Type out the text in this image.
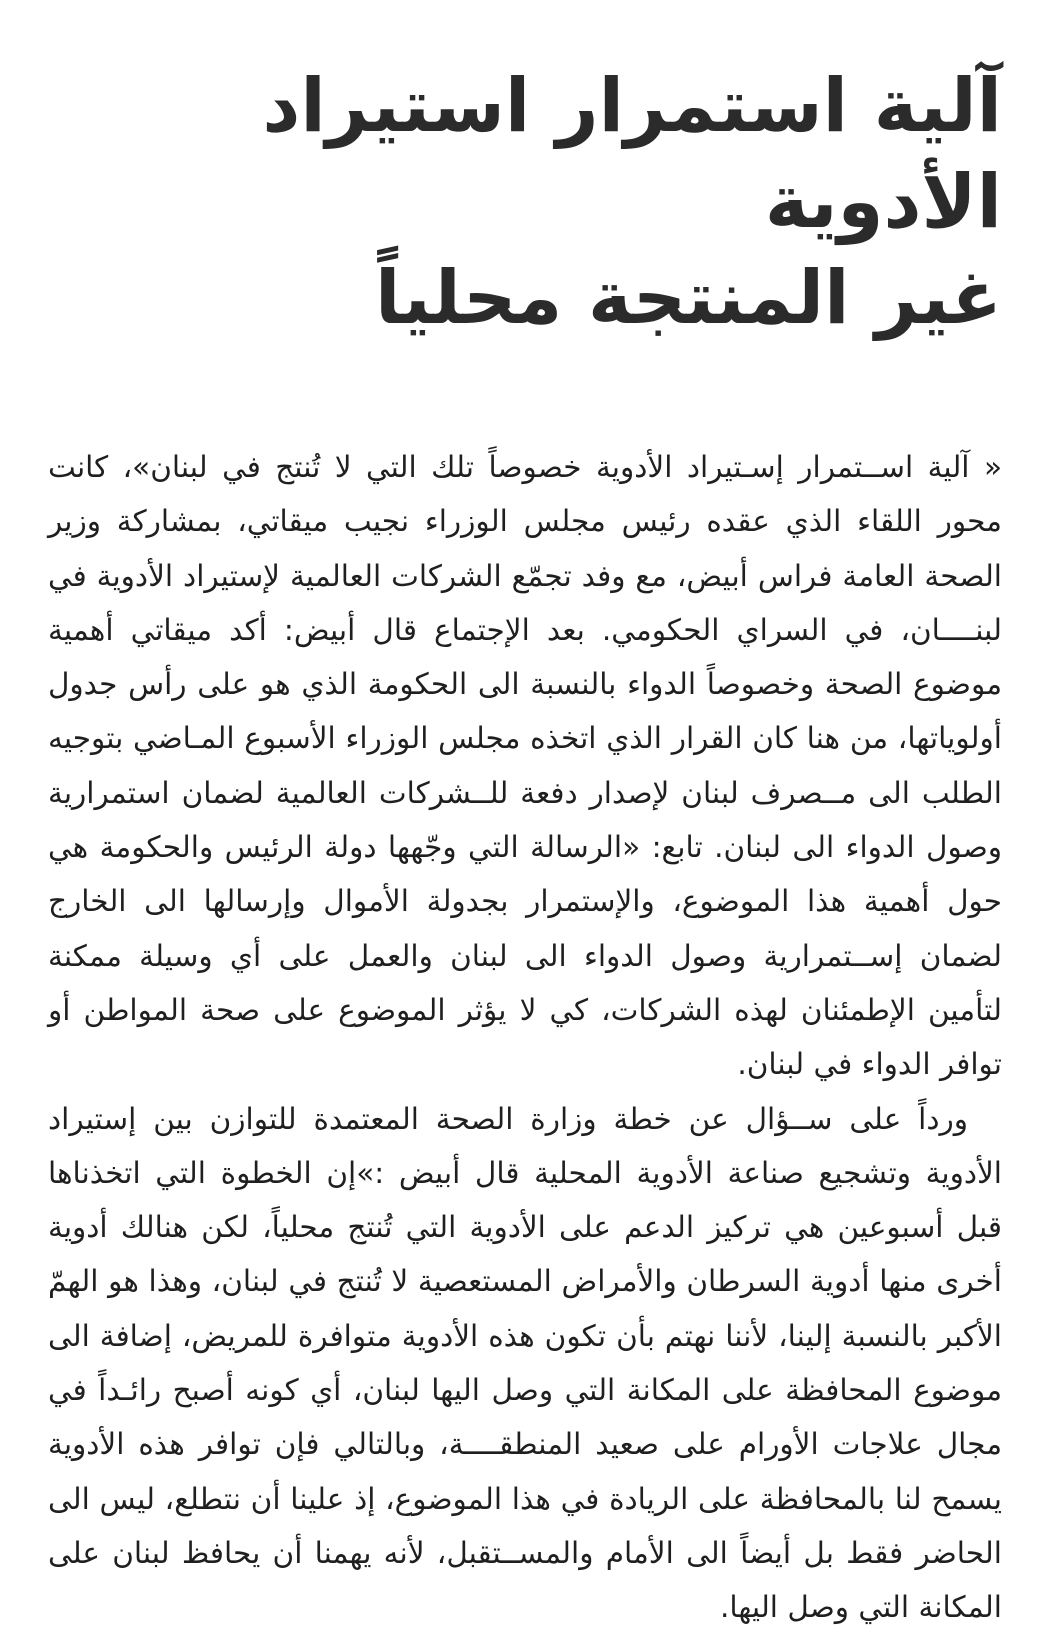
آلية استمرار استيراد الأدوية
غير المنتجة محلياً

« آلية اســتمرار إسـتيراد الأدوية خصوصاً تلك التي لا تُنتج في لبنان»، كانت محور اللقاء الذي عقده رئيس مجلس الوزراء نجيب ميقاتي، بمشاركة وزير الصحة العامة فراس أبيض، مع وفد تجمّع الشركات العالمية لإستيراد الأدوية في لبنــــان، في السراي الحكومي. بعد الإجتماع قال أبيض: أكد ميقاتي أهمية موضوع الصحة وخصوصاً الدواء بالنسبة الى الحكومة الذي هو على رأس جدول أولوياتها، من هنا كان القرار الذي اتخذه مجلس الوزراء الأسبوع المـاضي بتوجيه الطلب الى مــصرف لبنان لإصدار دفعة للــشركات العالمية لضمان استمرارية وصول الدواء الى لبنان. تابع: «الرسالة التي وجّهها دولة الرئيس والحكومة هي حول أهمية هذا الموضوع، والإستمرار بجدولة الأموال وإرسالها الى الخارج لضمان إســتمرارية وصول الدواء الى لبنان والعمل على أي وسيلة ممكنة لتأمين الإطمئنان لهذه الشركات، كي لا يؤثر الموضوع على صحة المواطن أو توافر الدواء في لبنان.

ورداً على ســؤال عن خطة وزارة الصحة المعتمدة للتوازن بين إستيراد الأدوية وتشجيع صناعة الأدوية المحلية قال أبيض :»إن الخطوة التي اتخذناها قبل أسبوعين هي تركيز الدعم على الأدوية التي تُنتج محلياً، لكن هنالك أدوية أخرى منها أدوية السرطان والأمراض المستعصية لا تُنتج في لبنان، وهذا هو الهمّ الأكبر بالنسبة إلينا، لأننا نهتم بأن تكون هذه الأدوية متوافرة للمريض، إضافة الى موضوع المحافظة على المكانة التي وصل اليها لبنان، أي كونه أصبح رائـداً في مجال علاجات الأورام على صعيد المنطقــــة، وبالتالي فإن توافر هذه الأدوية يسمح لنا بالمحافظة على الريادة في هذا الموضوع، إذ علينا أن نتطلع، ليس الى الحاضر فقط بل أيضاً الى الأمام والمســتقبل، لأنه يهمنا أن يحافظ لبنان على المكانة التي وصل اليها.
